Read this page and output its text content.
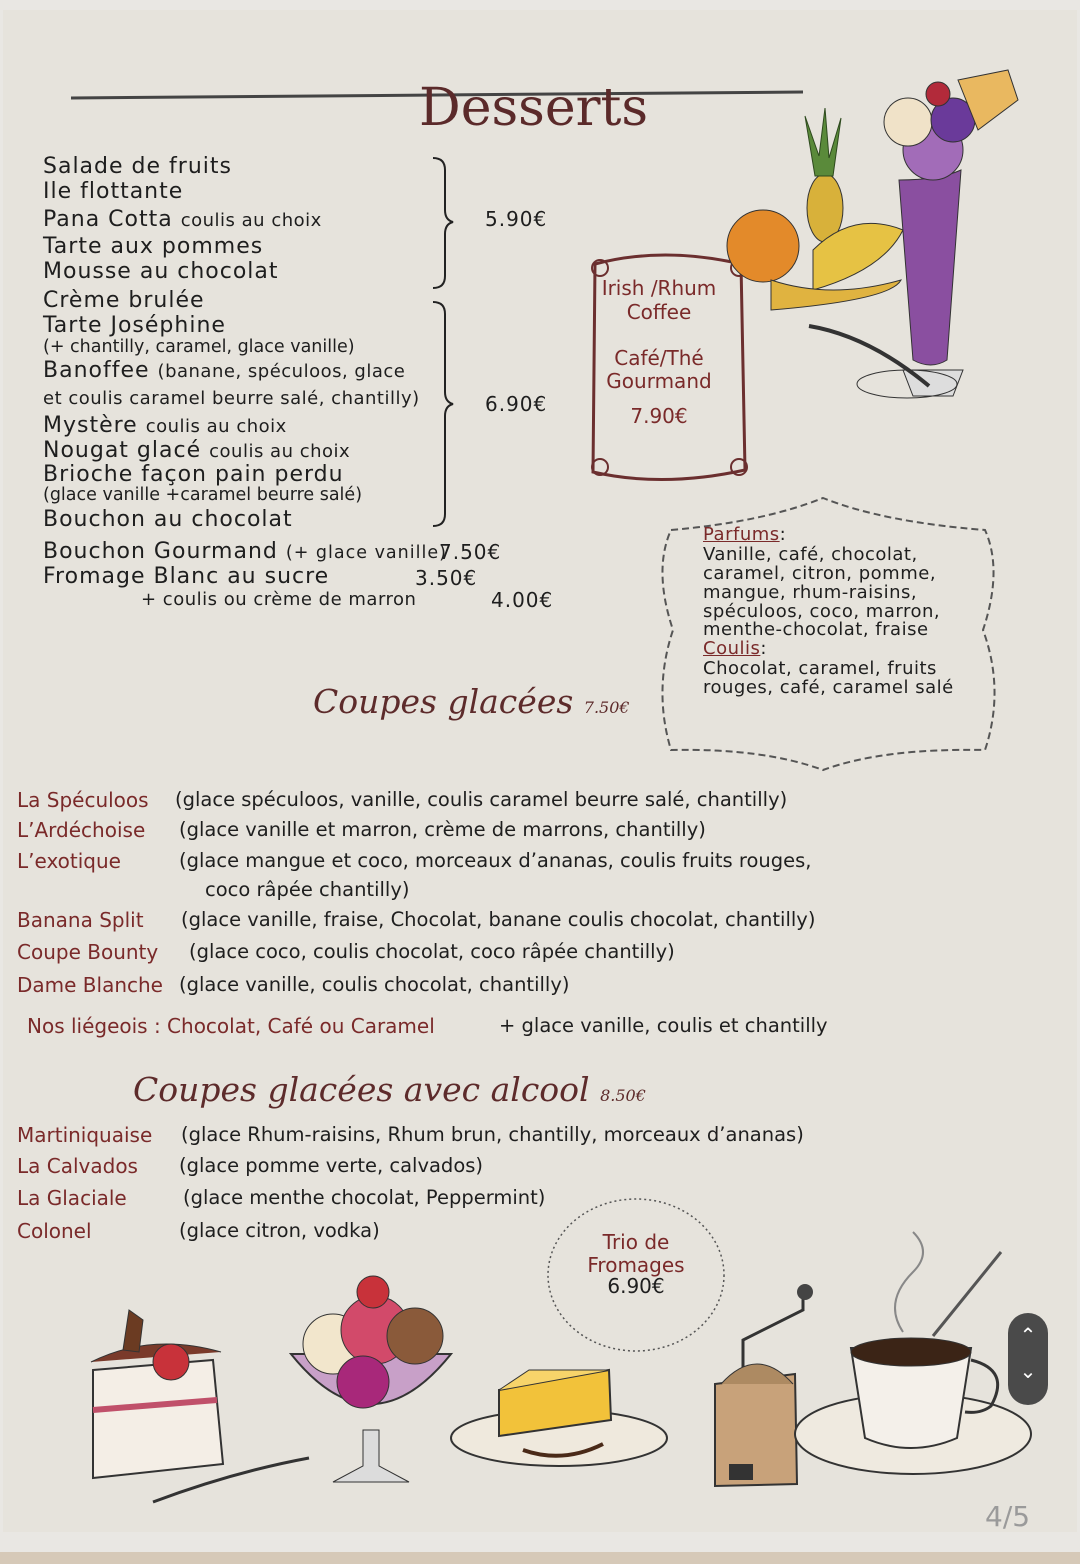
Desserts
Salade de fruits
Ile flottante
Pana Cotta coulis au choix
Tarte aux pommes
Mousse au chocolat
5.90€
Crème brulée
Tarte Joséphine
(+ chantilly, caramel, glace vanille)
Banoffee (banane, spéculoos, glace
et coulis caramel beurre salé, chantilly)
Mystère coulis au choix
Nougat glacé coulis au choix
Brioche façon pain perdu
(glace vanille +caramel beurre salé)
Bouchon au chocolat
6.90€
Bouchon Gourmand (+ glace vanille)
7.50€
Fromage Blanc au sucre	3.50€
+ coulis ou crème de marron	4.00€
Irish /Rhum
Coffee
Café/Thé
Gourmand
7.90€
Parfums:
Vanille, café, chocolat,
caramel, citron, pomme,
mangue, rhum-raisins,
spéculoos, coco, marron,
menthe-chocolat, fraise
Coulis:
Chocolat, caramel, fruits
rouges, café, caramel salé
Coupes glacées 7.50€
La Spéculoos (glace spéculoos, vanille, coulis caramel beurre salé, chantilly)
L’Ardéchoise (glace vanille et marron, crème de marrons, chantilly)
L’exotique	(glace mangue et coco, morceaux d’ananas, coulis fruits rouges,
coco râpée chantilly)
Banana Split (glace vanille, fraise, Chocolat, banane coulis chocolat, chantilly)
Coupe Bounty (glace coco, coulis chocolat, coco râpée chantilly)
Dame Blanche (glace vanille, coulis chocolat, chantilly)
Nos liégeois : Chocolat, Café ou Caramel	+ glace vanille, coulis et chantilly
Coupes glacées avec alcool 8.50€
Martiniquaise (glace Rhum-raisins, Rhum brun, chantilly, morceaux d’ananas)
La Calvados (glace pomme verte, calvados)
La Glaciale	(glace menthe chocolat, Peppermint)
Colonel	(glace citron, vodka)	Trio de
Fromages
6.90€
⌃
⌄
4/5
